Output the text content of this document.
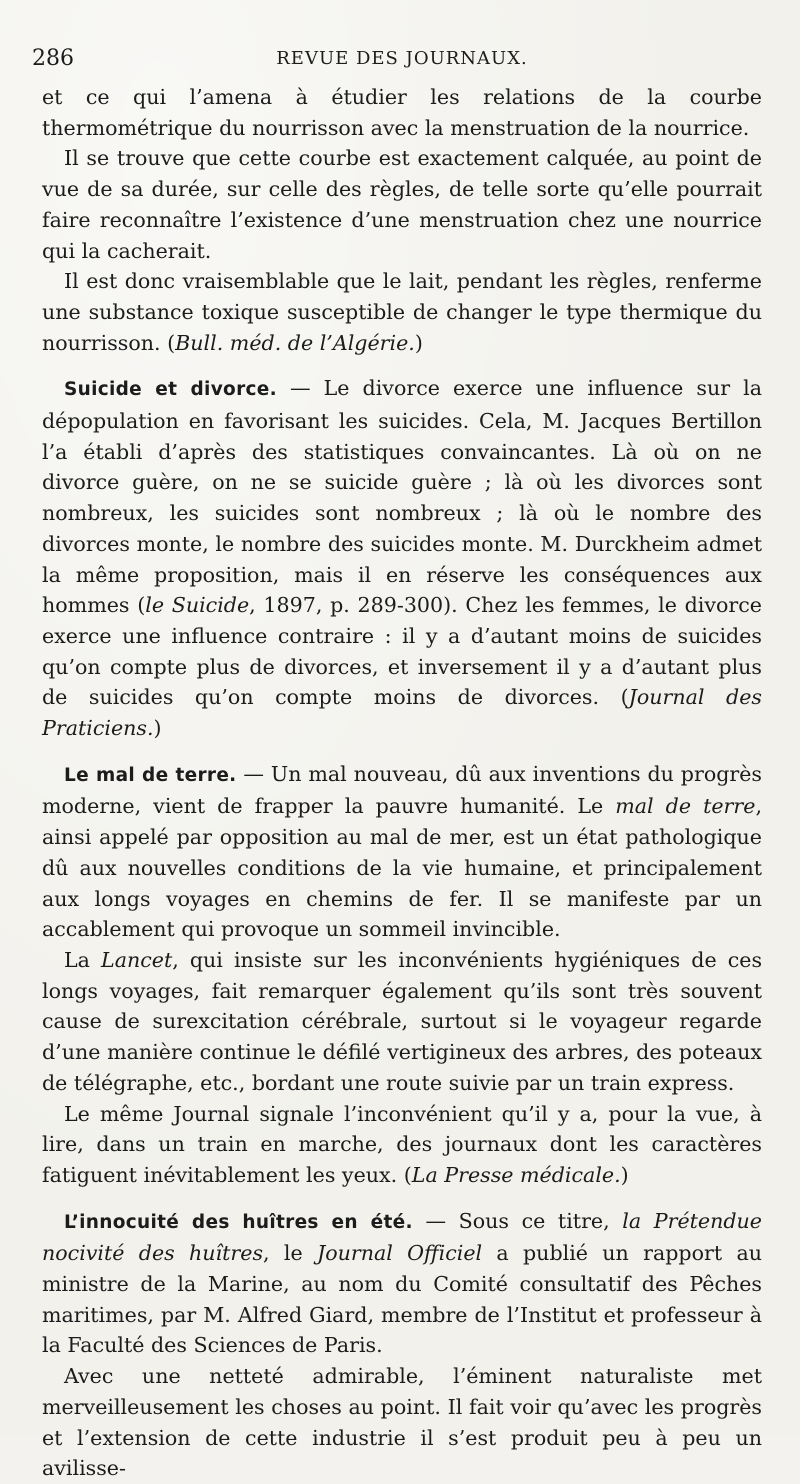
286	REVUE DES JOURNAUX.

et ce qui l’amena à étudier les relations de la courbe thermométrique du nourrisson avec la menstruation de la nourrice.

Il se trouve que cette courbe est exactement calquée, au point de vue de sa durée, sur celle des règles, de telle sorte qu’elle pourrait faire reconnaître l’existence d’une menstruation chez une nourrice qui la cacherait.

Il est donc vraisemblable que le lait, pendant les règles, renferme une substance toxique susceptible de changer le type thermique du nourrisson. (Bull. méd. de l’Algérie.)

Suicide et divorce. — Le divorce exerce une influence sur la dépopulation en favorisant les suicides. Cela, M. Jacques Bertillon l’a établi d’après des statistiques convaincantes. Là où on ne divorce guère, on ne se suicide guère ; là où les divorces sont nombreux, les suicides sont nombreux ; là où le nombre des divorces monte, le nombre des suicides monte. M. Durckheim admet la même proposition, mais il en réserve les conséquences aux hommes (le Suicide, 1897, p. 289-300). Chez les femmes, le divorce exerce une influence contraire : il y a d’autant moins de suicides qu’on compte plus de divorces, et inversement il y a d’autant plus de suicides qu’on compte moins de divorces. (Journal des Praticiens.)

Le mal de terre. — Un mal nouveau, dû aux inventions du progrès moderne, vient de frapper la pauvre humanité. Le mal de terre, ainsi appelé par opposition au mal de mer, est un état pathologique dû aux nouvelles conditions de la vie humaine, et principalement aux longs voyages en chemins de fer. Il se manifeste par un accablement qui provoque un sommeil invincible.

La Lancet, qui insiste sur les inconvénients hygiéniques de ces longs voyages, fait remarquer également qu’ils sont très souvent cause de surexcitation cérébrale, surtout si le voyageur regarde d’une manière continue le défilé vertigineux des arbres, des poteaux de télégraphe, etc., bordant une route suivie par un train express.

Le même Journal signale l’inconvénient qu’il y a, pour la vue, à lire, dans un train en marche, des journaux dont les caractères fatiguent inévitablement les yeux. (La Presse médicale.)

L’innocuité des huîtres en été. — Sous ce titre, la Prétendue nocivité des huîtres, le Journal Officiel a publié un rapport au ministre de la Marine, au nom du Comité consultatif des Pêches maritimes, par M. Alfred Giard, membre de l’Institut et professeur à la Faculté des Sciences de Paris.

Avec une netteté admirable, l’éminent naturaliste met merveilleusement les choses au point. Il fait voir qu’avec les progrès et l’extension de cette industrie il s’est produit peu à peu un avilisse-
